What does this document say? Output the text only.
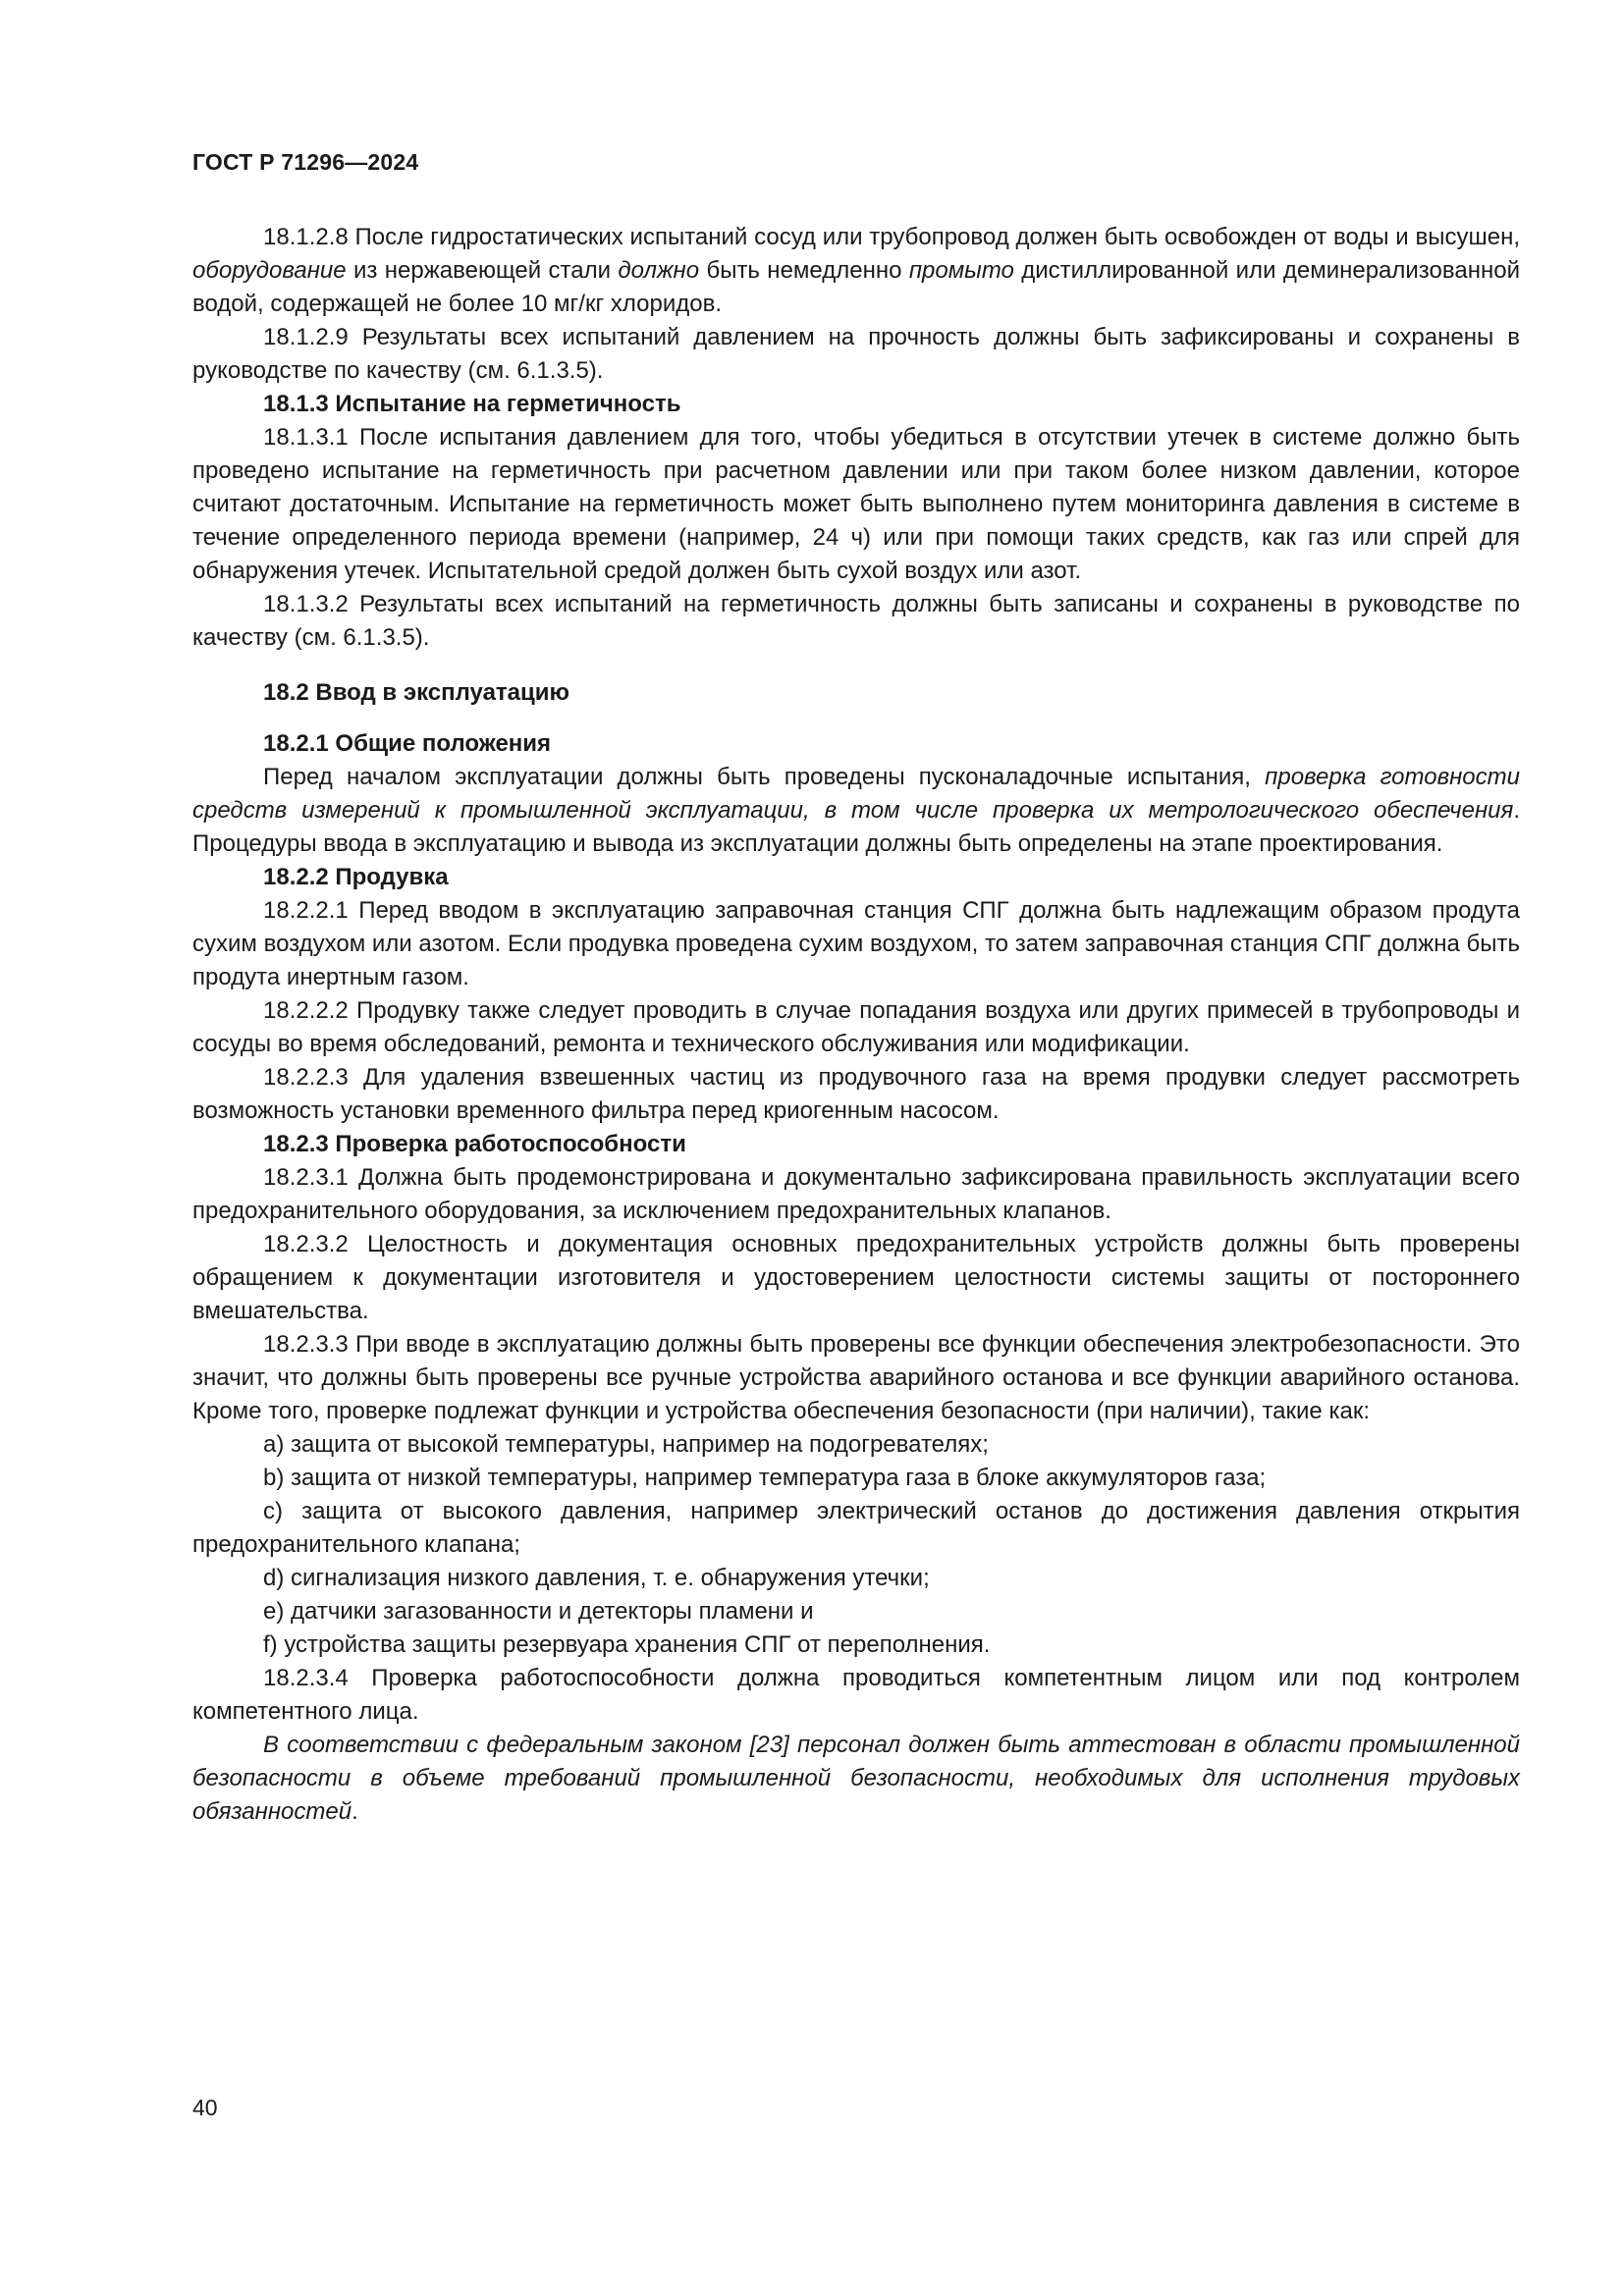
ГОСТ Р 71296—2024

18.1.2.8 После гидростатических испытаний сосуд или трубопровод должен быть освобожден от воды и высушен, оборудование из нержавеющей стали должно быть немедленно промыто дистиллированной или деминерализованной водой, содержащей не более 10 мг/кг хлоридов.

18.1.2.9 Результаты всех испытаний давлением на прочность должны быть зафиксированы и сохранены в руководстве по качеству (см. 6.1.3.5).

18.1.3 Испытание на герметичность

18.1.3.1 После испытания давлением для того, чтобы убедиться в отсутствии утечек в системе должно быть проведено испытание на герметичность при расчетном давлении или при таком более низком давлении, которое считают достаточным. Испытание на герметичность может быть выполнено путем мониторинга давления в системе в течение определенного периода времени (например, 24 ч) или при помощи таких средств, как газ или спрей для обнаружения утечек. Испытательной средой должен быть сухой воздух или азот.

18.1.3.2 Результаты всех испытаний на герметичность должны быть записаны и сохранены в руководстве по качеству (см. 6.1.3.5).

18.2 Ввод в эксплуатацию

18.2.1 Общие положения

Перед началом эксплуатации должны быть проведены пусконаладочные испытания, проверка готовности средств измерений к промышленной эксплуатации, в том числе проверка их метрологического обеспечения. Процедуры ввода в эксплуатацию и вывода из эксплуатации должны быть определены на этапе проектирования.

18.2.2 Продувка

18.2.2.1 Перед вводом в эксплуатацию заправочная станция СПГ должна быть надлежащим образом продута сухим воздухом или азотом. Если продувка проведена сухим воздухом, то затем заправочная станция СПГ должна быть продута инертным газом.

18.2.2.2 Продувку также следует проводить в случае попадания воздуха или других примесей в трубопроводы и сосуды во время обследований, ремонта и технического обслуживания или модификации.

18.2.2.3 Для удаления взвешенных частиц из продувочного газа на время продувки следует рассмотреть возможность установки временного фильтра перед криогенным насосом.

18.2.3 Проверка работоспособности

18.2.3.1 Должна быть продемонстрирована и документально зафиксирована правильность эксплуатации всего предохранительного оборудования, за исключением предохранительных клапанов.

18.2.3.2 Целостность и документация основных предохранительных устройств должны быть проверены обращением к документации изготовителя и удостоверением целостности системы защиты от постороннего вмешательства.

18.2.3.3 При вводе в эксплуатацию должны быть проверены все функции обеспечения электробезопасности. Это значит, что должны быть проверены все ручные устройства аварийного останова и все функции аварийного останова. Кроме того, проверке подлежат функции и устройства обеспечения безопасности (при наличии), такие как:

a) защита от высокой температуры, например на подогревателях;

b) защита от низкой температуры, например температура газа в блоке аккумуляторов газа;

c) защита от высокого давления, например электрический останов до достижения давления открытия предохранительного клапана;

d) сигнализация низкого давления, т. е. обнаружения утечки;

e) датчики загазованности и детекторы пламени и

f) устройства защиты резервуара хранения СПГ от переполнения.

18.2.3.4 Проверка работоспособности должна проводиться компетентным лицом или под контролем компетентного лица.

В соответствии с федеральным законом [23] персонал должен быть аттестован в области промышленной безопасности в объеме требований промышленной безопасности, необходимых для исполнения трудовых обязанностей.

40
